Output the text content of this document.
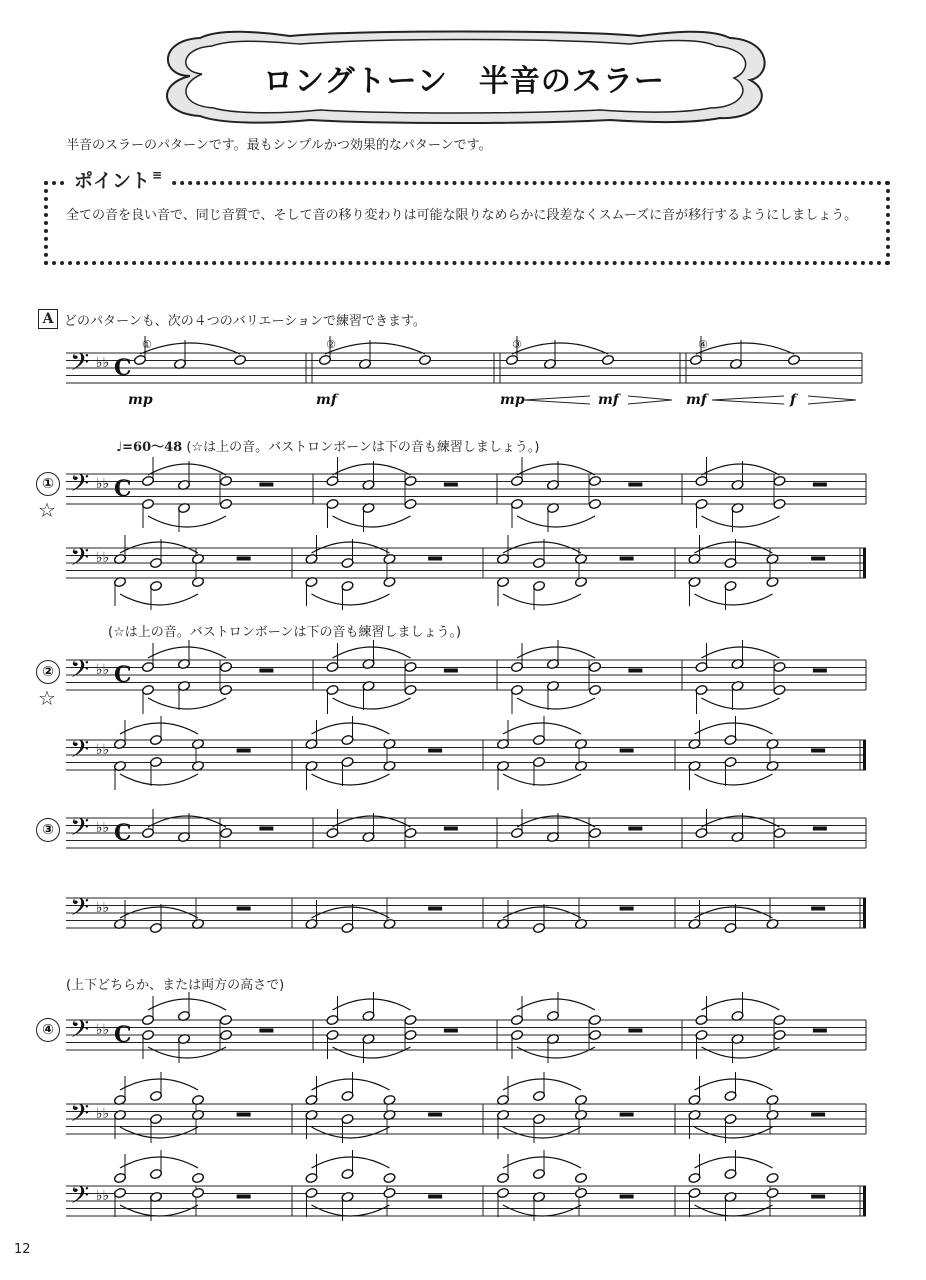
ロングトーン　半音のスラー
半音のスラーのパターンです。最もシンプルかつ効果的なパターンです。
ポイント ≡
全ての音を良い音で、同じ音質で、そして音の移り変わりは可能な限りなめらかに段差なくスムーズに音が移行するようにしましょう。
A どのパターンも、次の４つのバリエーションで練習できます。
♩=60～48 (☆は上の音。バストロンボーンは下の音も練習しましょう。)
(☆は上の音。バストロンボーンは下の音も練習しましょう。)
(上下どちらか、または両方の高さで)
①
☆
②
☆
③
④
12
𝄢 ♭♭ C
𝄢 ♭♭ C
𝄢 ♭♭
𝄢 ♭♭ C
𝄢 ♭♭
𝄢 ♭♭ C
𝄢 ♭♭
𝄢 ♭♭ C
𝄢 ♭♭
𝄢 ♭♭
①	②	③	④
mp	mf	mp	mf	mf	f
